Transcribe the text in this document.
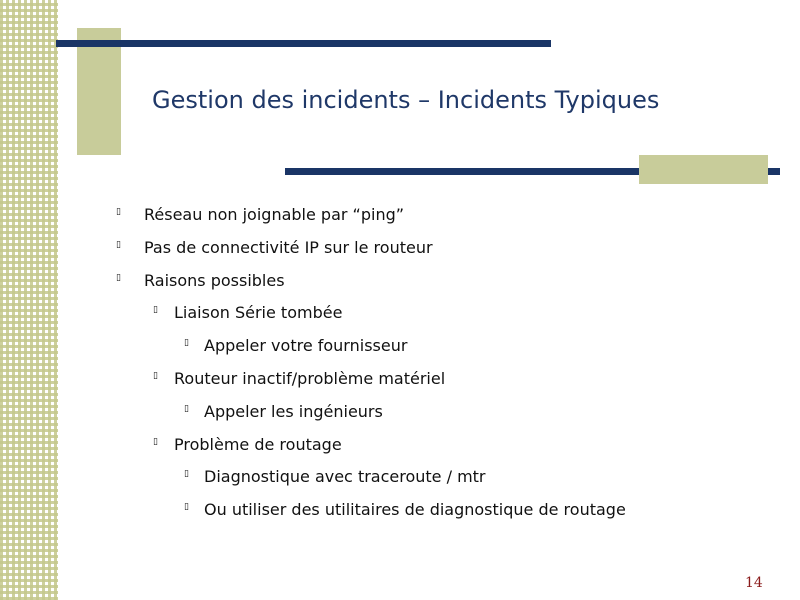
Gestion des incidents – Incidents Typiques
▯ Réseau non joignable par “ping”
▯ Pas de connectivité IP sur le routeur
▯ Raisons possibles
▯ Liaison Série tombée
▯ Appeler votre fournisseur
▯ Routeur inactif/problème matériel
▯ Appeler les ingénieurs
▯ Problème de routage
▯ Diagnostique avec traceroute / mtr
▯ Ou utiliser des utilitaires de diagnostique de routage
14
